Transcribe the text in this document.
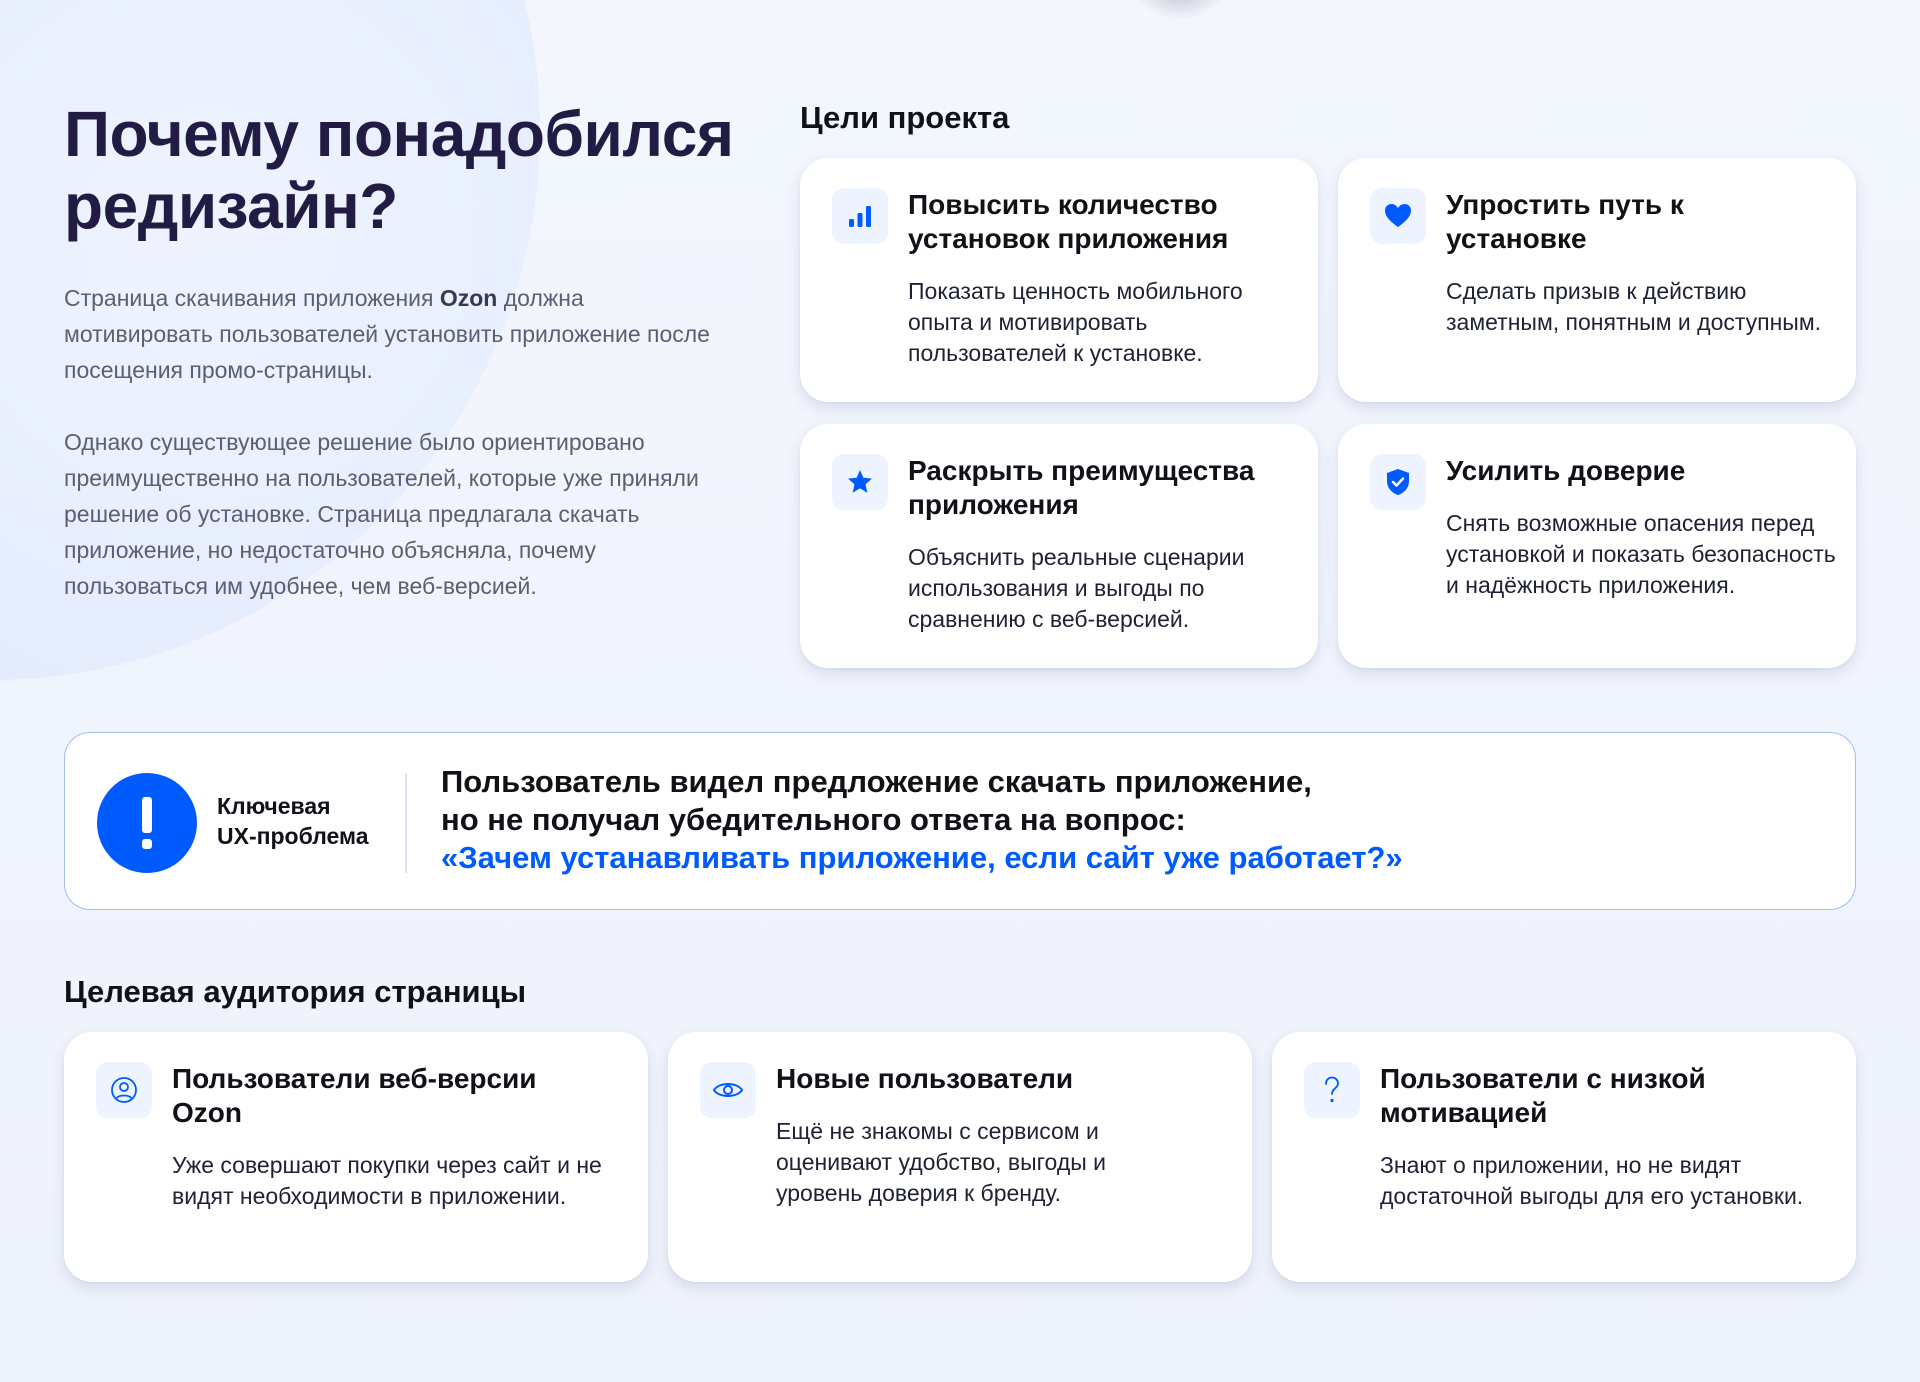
Почему понадобился
редизайн?

Страница скачивания приложения Ozon должна мотивировать пользователей установить приложение после посещения промо-страницы.

Однако существующее решение было ориентировано преимущественно на пользователей, которые уже приняли решение об установке. Страница предлагала скачать приложение, но недостаточно объясняла, почему пользоваться им удобнее, чем веб-версией.

Цели проекта
Повысить количество установок приложения
Показать ценность мобильного опыта и мотивировать пользователей к установке.
Упростить путь к установке
Сделать призыв к действию заметным, понятным и доступным.
Раскрыть преимущества приложения
Объяснить реальные сценарии использования и выгоды по сравнению с веб-версией.
Усилить доверие
Снять возможные опасения перед установкой и показать безопасность и надёжность приложения.
Ключевая
UX-проблема
Пользователь видел предложение скачать приложение,
но не получал убедительного ответа на вопрос:
«Зачем устанавливать приложение, если сайт уже работает?»
Целевая аудитория страницы
Пользователи веб-версии Ozon
Уже совершают покупки через сайт и не видят необходимости в приложении.
Новые пользователи
Ещё не знакомы с сервисом и оценивают удобство, выгоды и уровень доверия к бренду.
Пользователи с низкой мотивацией
Знают о приложении, но не видят достаточной выгоды для его установки.
